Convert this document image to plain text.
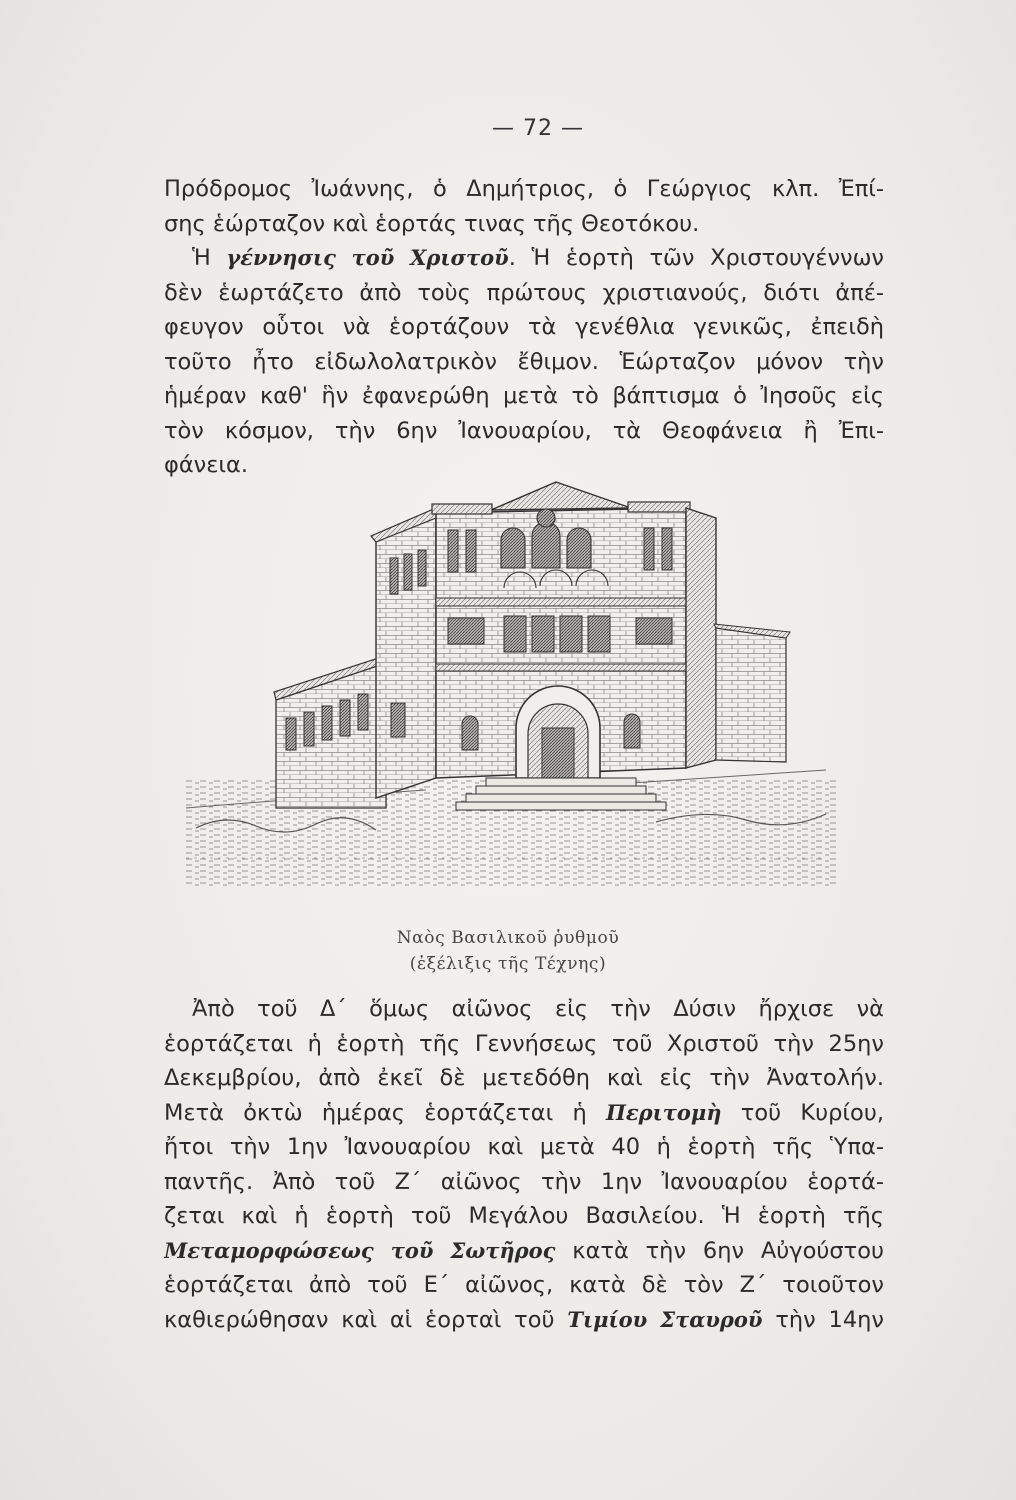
— 72 —
Πρόδρομος Ἰωάννης, ὁ Δημήτριος, ὁ Γεώργιος κλπ. Ἐπί-
σης ἑώρταζον καὶ ἑορτάς τινας τῆς Θεοτόκου.
Ἡ γέννησις τοῦ Χριστοῦ. Ἡ ἑορτὴ τῶν Χριστουγέννων
δὲν ἑωρτάζετο ἀπὸ τοὺς πρώτους χριστιανούς, διότι ἀπέ-
φευγον οὗτοι νὰ ἑορτάζουν τὰ γενέθλια γενικῶς, ἐπειδὴ
τοῦτο ἦτο εἰδωλολατρικὸν ἔθιμον. Ἑώρταζον μόνον τὴν
ἡμέραν καθ' ἣν ἐφανερώθη μετὰ τὸ βάπτισμα ὁ Ἰησοῦς εἰς
τὸν κόσμον, τὴν 6ην Ἰανουαρίου, τὰ Θεοφάνεια ἢ Ἐπι-
φάνεια.
Ναὸς Βασιλικοῦ ῥυθμοῦ
(ἐξέλιξις τῆς Τέχνης)
Ἀπὸ τοῦ Δ΄ ὅμως αἰῶνος εἰς τὴν Δύσιν ἤρχισε νὰ
ἑορτάζεται ἡ ἑορτὴ τῆς Γεννήσεως τοῦ Χριστοῦ τὴν 25ην
Δεκεμβρίου, ἀπὸ ἐκεῖ δὲ μετεδόθη καὶ εἰς τὴν Ἀνατολήν.
Μετὰ ὀκτὼ ἡμέρας ἑορτάζεται ἡ Περιτομὴ τοῦ Κυρίου,
ἤτοι τὴν 1ην Ἰανουαρίου καὶ μετὰ 40 ἡ ἑορτὴ τῆς Ὑπα-
παντῆς. Ἀπὸ τοῦ Ζ΄ αἰῶνος τὴν 1ην Ἰανουαρίου ἑορτά-
ζεται καὶ ἡ ἑορτὴ τοῦ Μεγάλου Βασιλείου. Ἡ ἑορτὴ τῆς
Μεταμορφώσεως τοῦ Σωτῆρος κατὰ τὴν 6ην Αὐγούστου
ἑορτάζεται ἀπὸ τοῦ Ε΄ αἰῶνος, κατὰ δὲ τὸν Ζ΄ τοιοῦτον
καθιερώθησαν καὶ αἱ ἑορταὶ τοῦ Τιμίου Σταυροῦ τὴν 14ην
